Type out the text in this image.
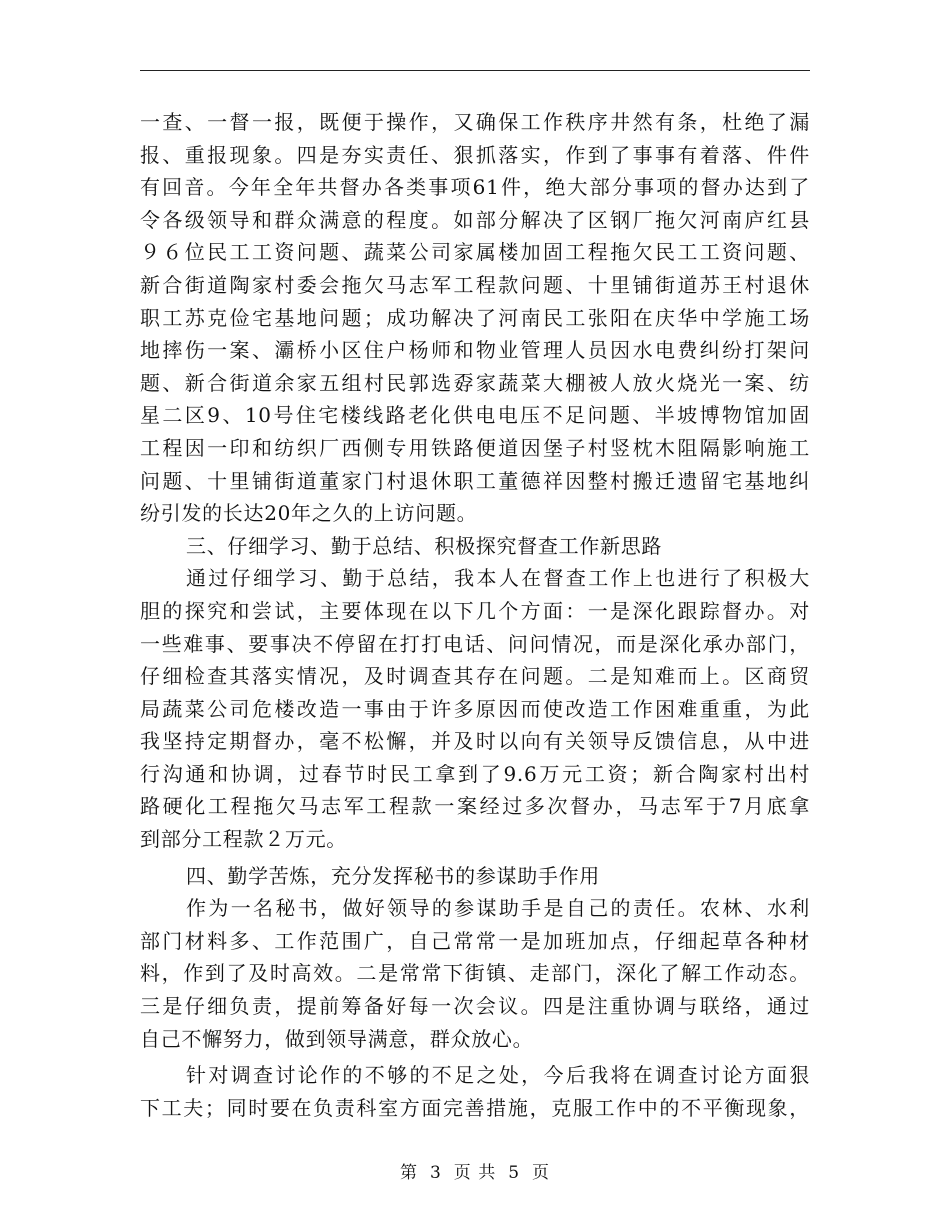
一查、一督一报，既便于操作，又确保工作秩序井然有条，杜绝了漏

报、重报现象。四是夯实责任、狠抓落实，作到了事事有着落、件件

有回音。今年全年共督办各类事项61件，绝大部分事项的督办达到了

令各级领导和群众满意的程度。如部分解决了区钢厂拖欠河南庐红县

９６位民工工资问题、蔬菜公司家属楼加固工程拖欠民工工资问题、

新合街道陶家村委会拖欠马志军工程款问题、十里铺街道苏王村退休

职工苏克俭宅基地问题；成功解决了河南民工张阳在庆华中学施工场

地摔伤一案、灞桥小区住户杨师和物业管理人员因水电费纠纷打架问

题、新合街道余家五组村民郭选孬家蔬菜大棚被人放火烧光一案、纺

星二区9、10号住宅楼线路老化供电电压不足问题、半坡博物馆加固

工程因一印和纺织厂西侧专用铁路便道因堡子村竖枕木阻隔影响施工

问题、十里铺街道董家门村退休职工董德祥因整村搬迁遗留宅基地纠

纷引发的长达20年之久的上访问题。

三、仔细学习、勤于总结、积极探究督查工作新思路

通过仔细学习、勤于总结，我本人在督查工作上也进行了积极大

胆的探究和尝试，主要体现在以下几个方面：一是深化跟踪督办。对

一些难事、要事决不停留在打打电话、问问情况，而是深化承办部门，

仔细检查其落实情况，及时调查其存在问题。二是知难而上。区商贸

局蔬菜公司危楼改造一事由于许多原因而使改造工作困难重重，为此

我坚持定期督办，毫不松懈，并及时以向有关领导反馈信息，从中进

行沟通和协调，过春节时民工拿到了9.6万元工资；新合陶家村出村

路硬化工程拖欠马志军工程款一案经过多次督办，马志军于7月底拿

到部分工程款２万元。

四、勤学苦炼，充分发挥秘书的参谋助手作用

作为一名秘书，做好领导的参谋助手是自己的责任。农林、水利

部门材料多、工作范围广，自己常常一是加班加点，仔细起草各种材

料，作到了及时高效。二是常常下街镇、走部门，深化了解工作动态。

三是仔细负责，提前筹备好每一次会议。四是注重协调与联络，通过

自己不懈努力，做到领导满意，群众放心。

针对调查讨论作的不够的不足之处，今后我将在调查讨论方面狠

下工夫；同时要在负责科室方面完善措施，克服工作中的不平衡现象，

第 3 页 共 5 页
